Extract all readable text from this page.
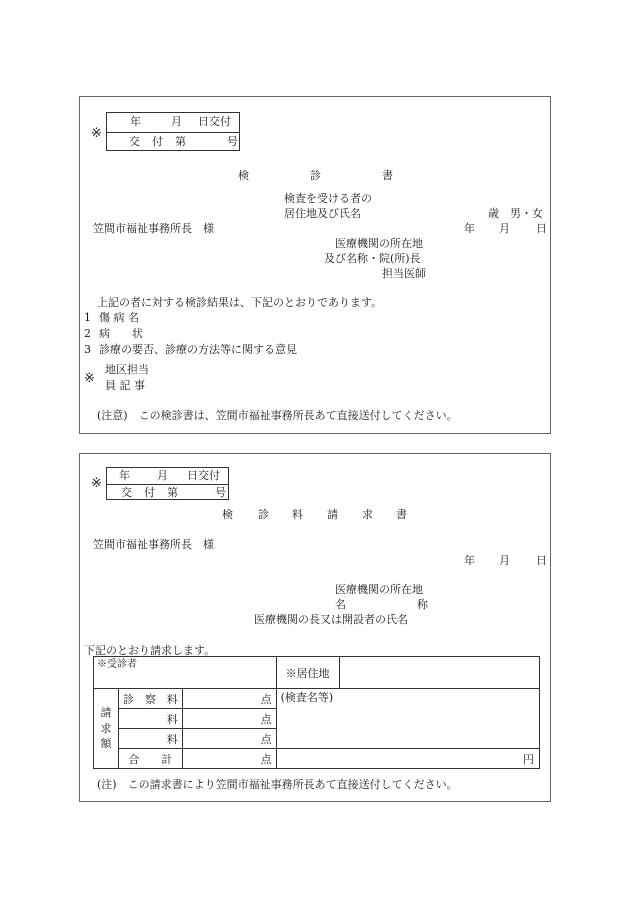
※
年	月 日交付
交 付 第	号
検	診	書
検査を受ける者の
居住地及び氏名	歳　男・女
笠間市福祉事務所長　様	年 月 日
医療機関の所在地
及び名称・院(所)長
担当医師
上記の者に対する検診結果は、下記のとおりであります。
1 傷 病 名
2 病　　状
3 診療の要否、診療の方法等に関する意見
※
地区担当
員 記 事
(注意)　この検診書は、笠間市福祉事務所長あて直接送付してください。
※
年 月 日交付
交 付 第	号
検 診 料 請 求 書
笠間市福祉事務所長　様
年 月 日
医療機関の所在地
名	称
医療機関の長又は開設者の氏名
下記のとおり請求します。
※受診者			※居住地	

請
求
額	診　察　料	点	(検査名等)	

	料	点		
	料	点		
	合　　計	点	円	
(注)　この請求書により笠間市福祉事務所長あて直接送付してください。
